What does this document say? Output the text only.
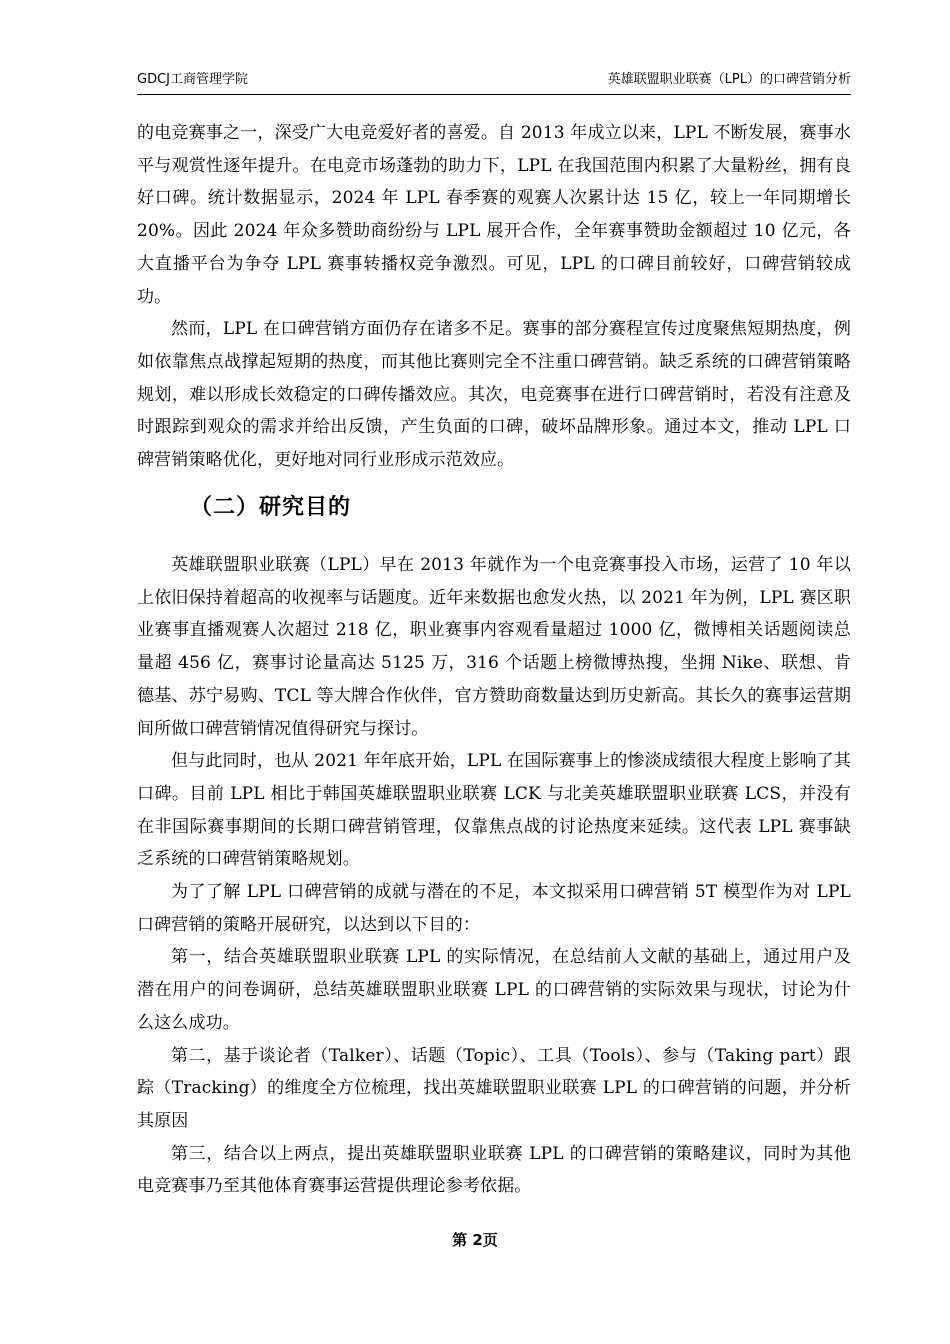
GDCJ工商管理学院	英雄联盟职业联赛（LPL）的口碑营销分析

的电竞赛事之一，深受广大电竞爱好者的喜爱。自 2013 年成立以来，LPL 不断发展，赛事水平与观赏性逐年提升。在电竞市场蓬勃的助力下，LPL 在我国范围内积累了大量粉丝，拥有良好口碑。统计数据显示，2024 年 LPL 春季赛的观赛人次累计达 15 亿，较上一年同期增长 20%。因此 2024 年众多赞助商纷纷与 LPL 展开合作，全年赛事赞助金额超过 10 亿元，各大直播平台为争夺 LPL 赛事转播权竞争激烈。可见，LPL 的口碑目前较好，口碑营销较成功。

然而，LPL 在口碑营销方面仍存在诸多不足。赛事的部分赛程宣传过度聚焦短期热度，例如依靠焦点战撑起短期的热度，而其他比赛则完全不注重口碑营销。缺乏系统的口碑营销策略规划，难以形成长效稳定的口碑传播效应。其次，电竞赛事在进行口碑营销时，若没有注意及时跟踪到观众的需求并给出反馈，产生负面的口碑，破坏品牌形象。通过本文，推动 LPL 口碑营销策略优化，更好地对同行业形成示范效应。

（二）研究目的

英雄联盟职业联赛（LPL）早在 2013 年就作为一个电竞赛事投入市场，运营了 10 年以上依旧保持着超高的收视率与话题度。近年来数据也愈发火热，以 2021 年为例，LPL 赛区职业赛事直播观赛人次超过 218 亿，职业赛事内容观看量超过 1000 亿，微博相关话题阅读总量超 456 亿，赛事讨论量高达 5125 万，316 个话题上榜微博热搜，坐拥 Nike、联想、肯德基、苏宁易购、TCL 等大牌合作伙伴，官方赞助商数量达到历史新高。其长久的赛事运营期间所做口碑营销情况值得研究与探讨。

但与此同时，也从 2021 年年底开始，LPL 在国际赛事上的惨淡成绩很大程度上影响了其口碑。目前 LPL 相比于韩国英雄联盟职业联赛 LCK 与北美英雄联盟职业联赛 LCS，并没有在非国际赛事期间的长期口碑营销管理，仅靠焦点战的讨论热度来延续。这代表 LPL 赛事缺乏系统的口碑营销策略规划。

为了了解 LPL 口碑营销的成就与潜在的不足，本文拟采用口碑营销 5T 模型作为对 LPL 口碑营销的策略开展研究，以达到以下目的：

第一，结合英雄联盟职业联赛 LPL 的实际情况，在总结前人文献的基础上，通过用户及潜在用户的问卷调研，总结英雄联盟职业联赛 LPL 的口碑营销的实际效果与现状，讨论为什么这么成功。

第二，基于谈论者（Talker）、话题（Topic）、工具（Tools）、参与（Taking part）跟踪（Tracking）的维度全方位梳理，找出英雄联盟职业联赛 LPL 的口碑营销的问题，并分析其原因

第三，结合以上两点，提出英雄联盟职业联赛 LPL 的口碑营销的策略建议，同时为其他电竞赛事乃至其他体育赛事运营提供理论参考依据。

第 2页
